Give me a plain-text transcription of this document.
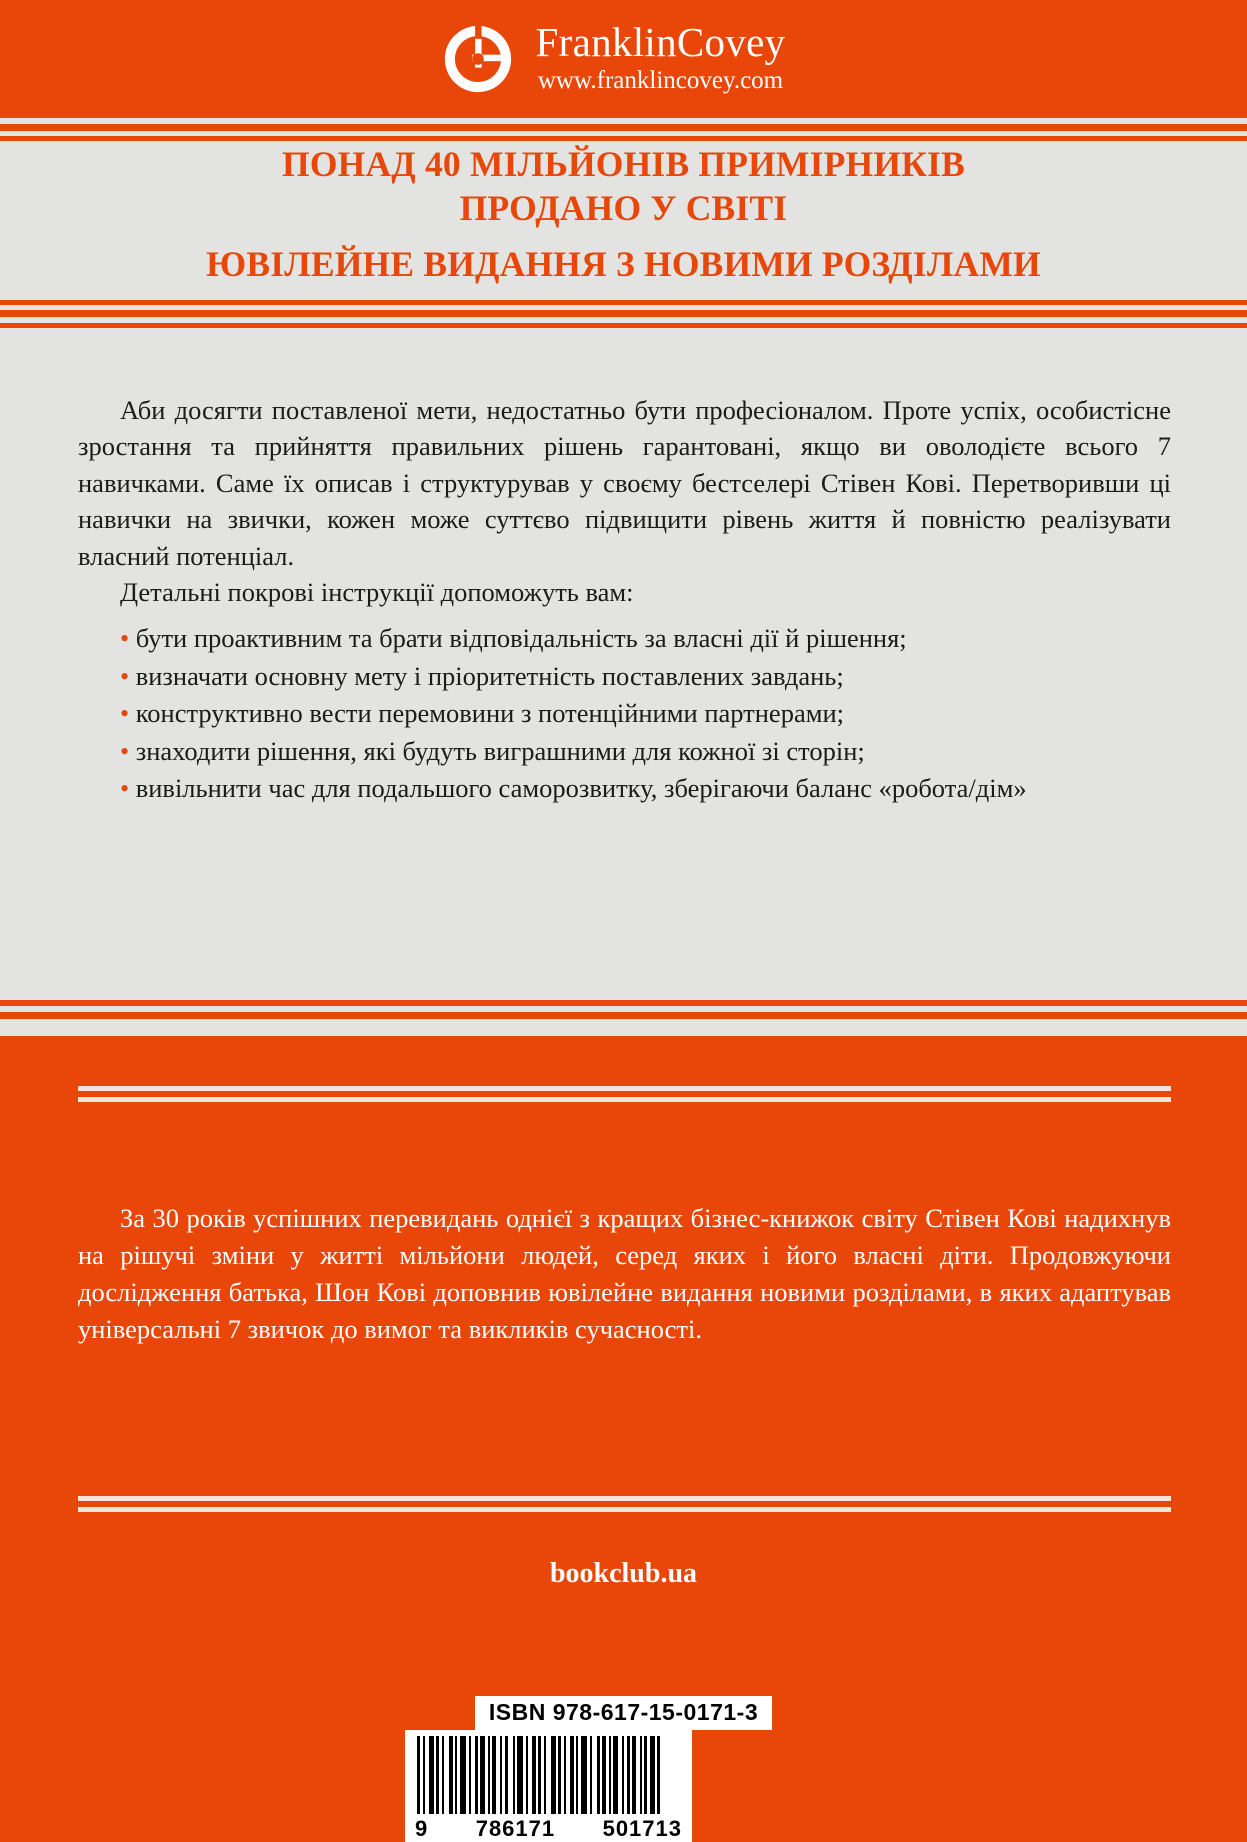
FranklinCovey
www.franklincovey.com
ПОНАД 40 МІЛЬЙОНІВ ПРИМІРНИКІВ
ПРОДАНО У СВІТІ
ЮВІЛЕЙНЕ ВИДАННЯ З НОВИМИ РОЗДІЛАМИ

Аби досягти поставленої мети, недостатньо бути професіоналом. Проте успіх, особистісне зростання та прийняття правильних рішень гарантовані, якщо ви оволодієте всього 7 навичками. Саме їх описав і структурував у своєму бестселері Стівен Кові. Перетворивши ці навички на звички, кожен може суттєво підвищити рівень життя й повністю реалізувати власний потенціал.

Детальні покрові інструкції допоможуть вам:

• бути проактивним та брати відповідальність за власні дії й рішення;
• визначати основну мету і пріоритетність поставлених завдань;
• конструктивно вести перемовини з потенційними партнерами;
• знаходити рішення, які будуть виграшними для кожної зі сторін;
• вивільнити час для подальшого саморозвитку, зберігаючи баланс «робота/дім»

За 30 років успішних перевидань однієї з кращих бізнес-книжок світу Стівен Кові надихнув на рішучі зміни у житті мільйони людей, серед яких і його власні діти. Продовжуючи дослідження батька, Шон Кові доповнив ювілейне видання новими розділами, в яких адаптував універсальні 7 звичок до вимог та викликів сучасності.

bookclub.ua
ISBN 978-617-15-0171-3
9 786171 501713
